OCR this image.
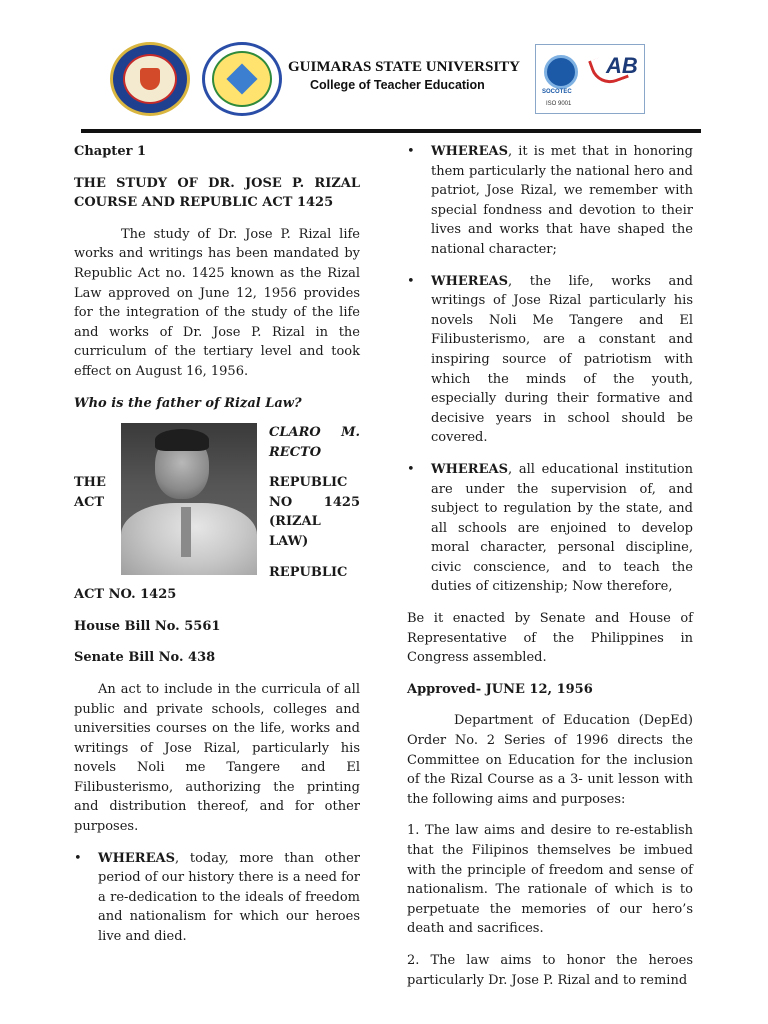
GUIMARAS STATE UNIVERSITY
College of Teacher Education	SOCOTEC
ISO 9001
AB

Chapter 1

THE STUDY OF DR. JOSE P. RIZAL COURSE AND REPUBLIC ACT 1425

The study of Dr. Jose P. Rizal life works and writings has been mandated by Republic Act no. 1425 known as the Rizal Law approved on June 12, 1956 provides for the integration of the study of the life and works of Dr. Jose P. Rizal in the curriculum of the tertiary level and took effect on August 16, 1956.

Who is the father of Rizal Law?

CLARO M. RECTO
THE ACT
REPUBLIC NO 1425 (RIZAL LAW)
REPUBLIC

ACT NO. 1425

House Bill No. 5561

Senate Bill No. 438

An act to include in the curricula of all public and private schools, colleges and universities courses on the life, works and writings of Jose Rizal, particularly his novels Noli me Tangere and El Filibusterismo, authorizing the printing and distribution thereof, and for other purposes.

• WHEREAS, today, more than other period of our history there is a need for a re-dedication to the ideals of freedom and nationalism for which our heroes live and died.

• WHEREAS, it is met that in honoring them particularly the national hero and patriot, Jose Rizal, we remember with special fondness and devotion to their lives and works that have shaped the national character;

• WHEREAS, the life, works and writings of Jose Rizal particularly his novels Noli Me Tangere and El Filibusterismo, are a constant and inspiring source of patriotism with which the minds of the youth, especially during their formative and decisive years in school should be covered.

• WHEREAS, all educational institution are under the supervision of, and subject to regulation by the state, and all schools are enjoined to develop moral character, personal discipline, civic conscience, and to teach the duties of citizenship; Now therefore,

Be it enacted by Senate and House of Representative of the Philippines in Congress assembled.

Approved- JUNE 12, 1956

Department of Education (DepEd) Order No. 2 Series of 1996 directs the Committee on Education for the inclusion of the Rizal Course as a 3- unit lesson with the following aims and purposes:

1. The law aims and desire to re-establish that the Filipinos themselves be imbued with the principle of freedom and sense of nationalism. The rationale of which is to perpetuate the memories of our hero’s death and sacrifices.

2. The law aims to honor the heroes particularly Dr. Jose P. Rizal and to remind
